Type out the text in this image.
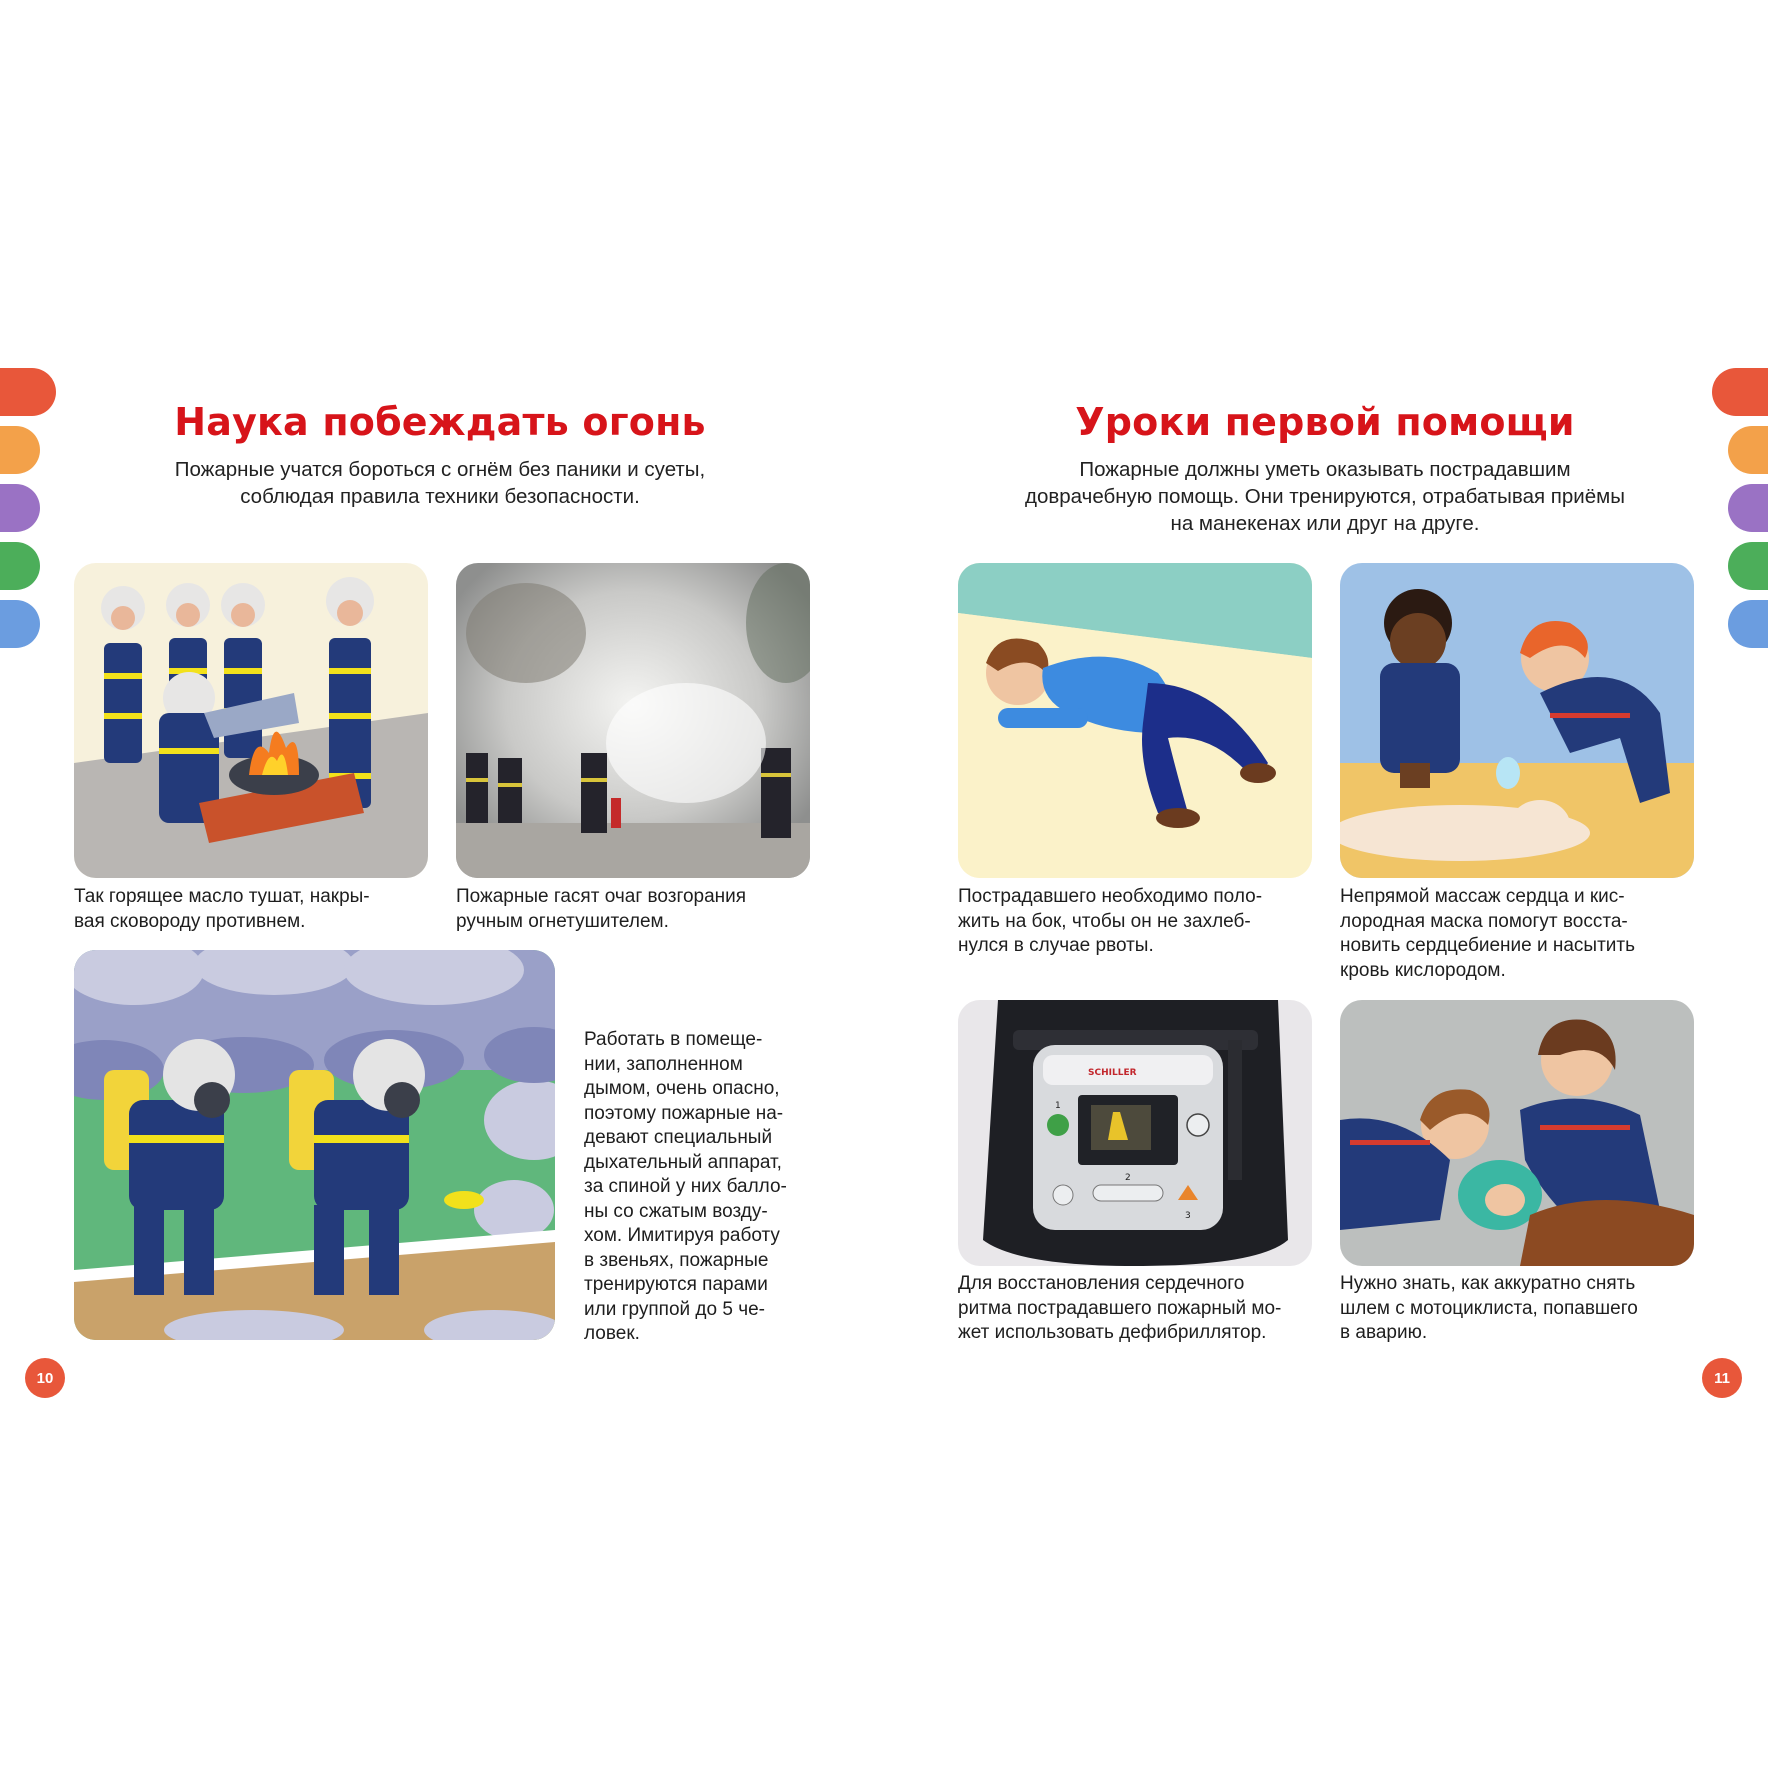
Наука побеждать огонь
Пожарные учатся бороться с огнём без паники и суеты,
соблюдая правила техники безопасности.
Так горящее масло тушат, накры-
вая сковороду противнем.
Пожарные гасят очаг возгорания
ручным огнетушителем.
Работать в помеще-
нии, заполненном
дымом, очень опасно,
поэтому пожарные на-
девают специальный
дыхательный аппарат,
за спиной у них балло-
ны со сжатым возду-
хом. Имитируя работу
в звеньях, пожарные
тренируются парами
или группой до 5 че-
ловек.
10
Уроки первой помощи
Пожарные должны уметь оказывать пострадавшим
доврачебную помощь. Они тренируются, отрабатывая приёмы
на манекенах или друг на друге.
Пострадавшего необходимо поло-
жить на бок, чтобы он не захлеб-
нулся в случае рвоты.
Непрямой массаж сердца и кис-
лородная маска помогут восста-
новить сердцебиение и насытить
кровь кислородом.
SCHILLER
1
2
3
Для восстановления сердечного
ритма пострадавшего пожарный мо-
жет использовать дефибриллятор.
Нужно знать, как аккуратно снять
шлем с мотоциклиста, попавшего
в аварию.
11
